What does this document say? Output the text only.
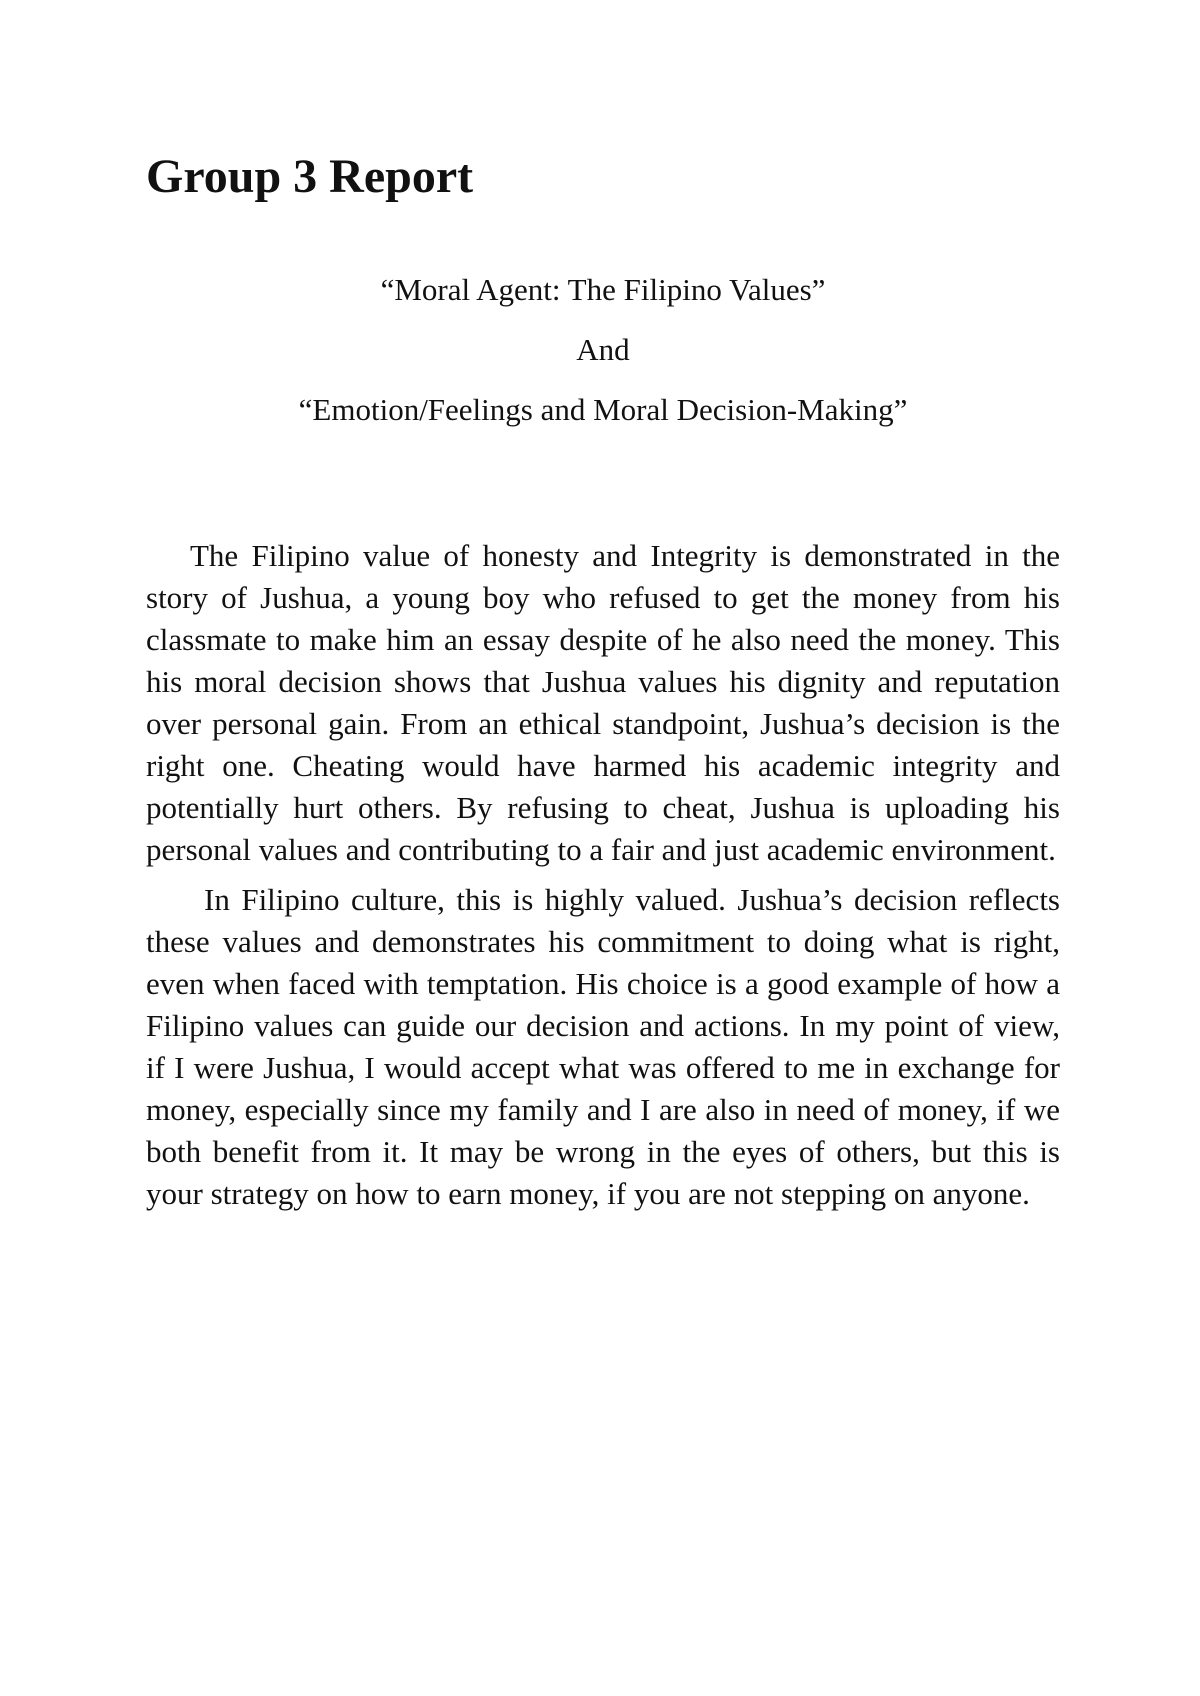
Group 3 Report

“Moral Agent: The Filipino Values”

And

“Emotion/Feelings and Moral Decision-Making”

The Filipino value of honesty and Integrity is demonstrated in the story of Jushua, a young boy who refused to get the money from his classmate to make him an essay despite of he also need the money. This his moral decision shows that Jushua values his dignity and reputation over personal gain. From an ethical standpoint, Jushua’s decision is the right one. Cheating would have harmed his academic integrity and potentially hurt others. By refusing to cheat, Jushua is uploading his personal values and contributing to a fair and just academic environment.

In Filipino culture, this is highly valued. Jushua’s decision reflects these values and demonstrates his commitment to doing what is right, even when faced with temptation. His choice is a good example of how a Filipino values can guide our decision and actions. In my point of view, if I were Jushua, I would accept what was offered to me in exchange for money, especially since my family and I are also in need of money, if we both benefit from it. It may be wrong in the eyes of others, but this is your strategy on how to earn money, if you are not stepping on anyone.
